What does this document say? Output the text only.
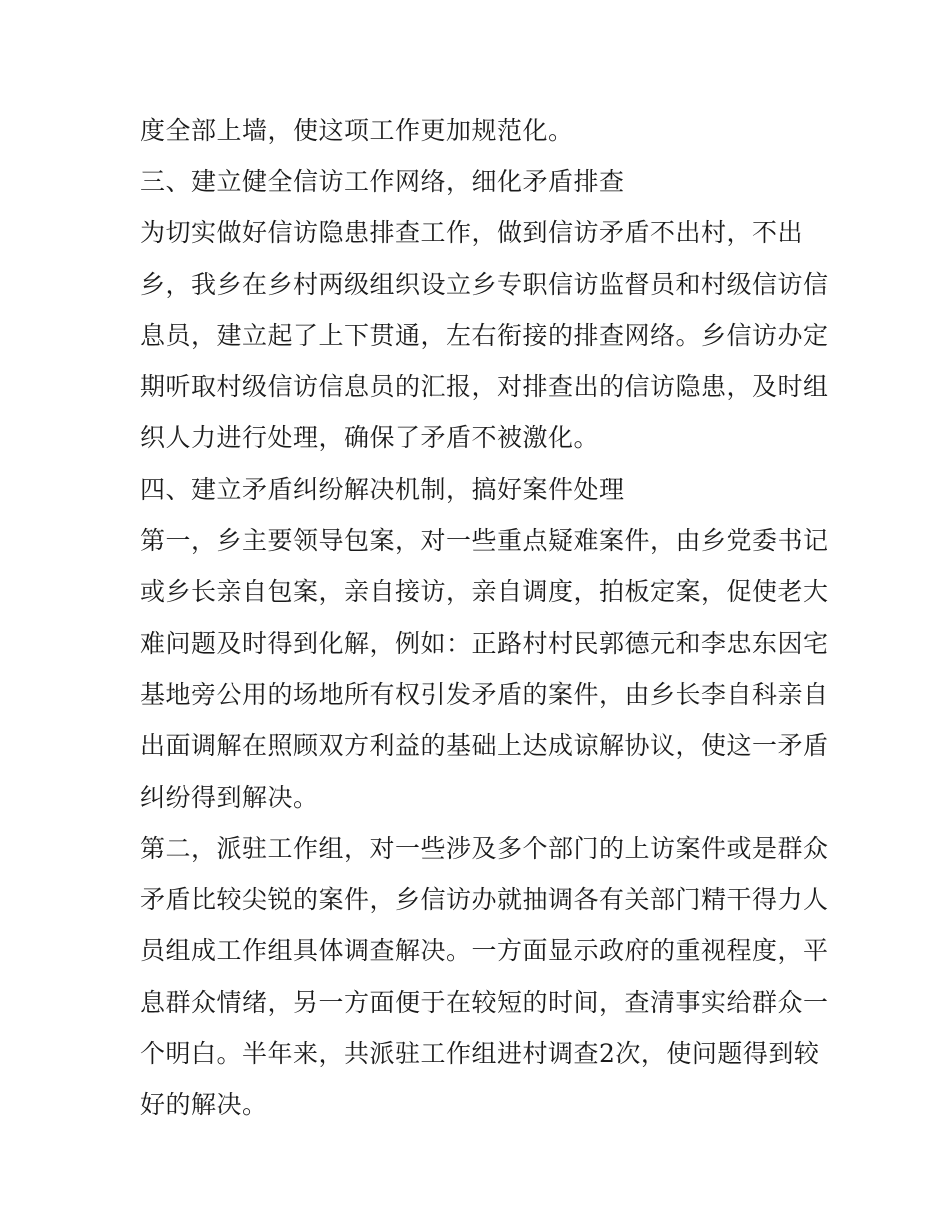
度全部上墙，使这项工作更加规范化。
三、建立健全信访工作网络，细化矛盾排查
为切实做好信访隐患排查工作，做到信访矛盾不出村，不出
乡，我乡在乡村两级组织设立乡专职信访监督员和村级信访信
息员，建立起了上下贯通，左右衔接的排查网络。乡信访办定
期听取村级信访信息员的汇报，对排查出的信访隐患，及时组
织人力进行处理，确保了矛盾不被激化。
四、建立矛盾纠纷解决机制，搞好案件处理
第一，乡主要领导包案，对一些重点疑难案件，由乡党委书记
或乡长亲自包案，亲自接访，亲自调度，拍板定案，促使老大
难问题及时得到化解，例如：正路村村民郭德元和李忠东因宅
基地旁公用的场地所有权引发矛盾的案件，由乡长李自科亲自
出面调解在照顾双方利益的基础上达成谅解协议，使这一矛盾
纠纷得到解决。
第二，派驻工作组，对一些涉及多个部门的上访案件或是群众
矛盾比较尖锐的案件，乡信访办就抽调各有关部门精干得力人
员组成工作组具体调查解决。一方面显示政府的重视程度，平
息群众情绪，另一方面便于在较短的时间，查清事实给群众一
个明白。半年来，共派驻工作组进村调查2次，使问题得到较
好的解决。
